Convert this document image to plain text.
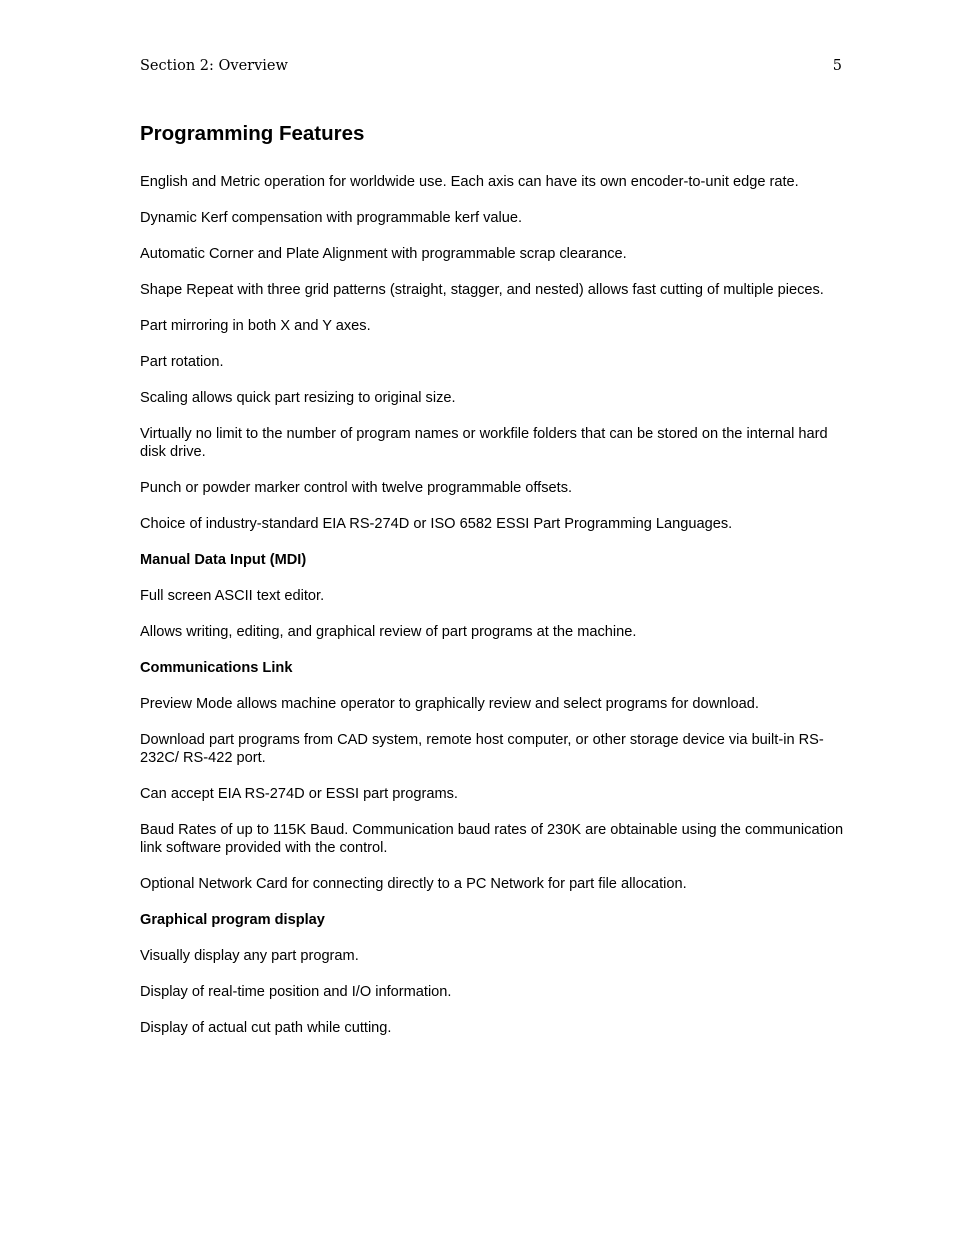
Section 2: Overview	5
Programming Features

English and Metric operation for worldwide use. Each axis can have its own encoder-to-unit edge rate.

Dynamic Kerf compensation with programmable kerf value.

Automatic Corner and Plate Alignment with programmable scrap clearance.

Shape Repeat with three grid patterns (straight, stagger, and nested) allows fast cutting of multiple pieces.

Part mirroring in both X and Y axes.

Part rotation.

Scaling allows quick part resizing to original size.

Virtually no limit to the number of program names or workfile folders that can be stored on the internal hard disk drive.

Punch or powder marker control with twelve programmable offsets.

Choice of industry-standard EIA RS-274D or ISO 6582 ESSI Part Programming Languages.

Manual Data Input (MDI)

Full screen ASCII text editor.

Allows writing, editing, and graphical review of part programs at the machine.

Communications Link

Preview Mode allows machine operator to graphically review and select programs for download.

Download part programs from CAD system, remote host computer, or other storage device via built-in RS-232C/ RS-422 port.

Can accept EIA RS-274D or ESSI part programs.

Baud Rates of up to 115K Baud. Communication baud rates of 230K are obtainable using the communication link software provided with the control.

Optional Network Card for connecting directly to a PC Network for part file allocation.

Graphical program display

Visually display any part program.

Display of real-time position and I/O information.

Display of actual cut path while cutting.
